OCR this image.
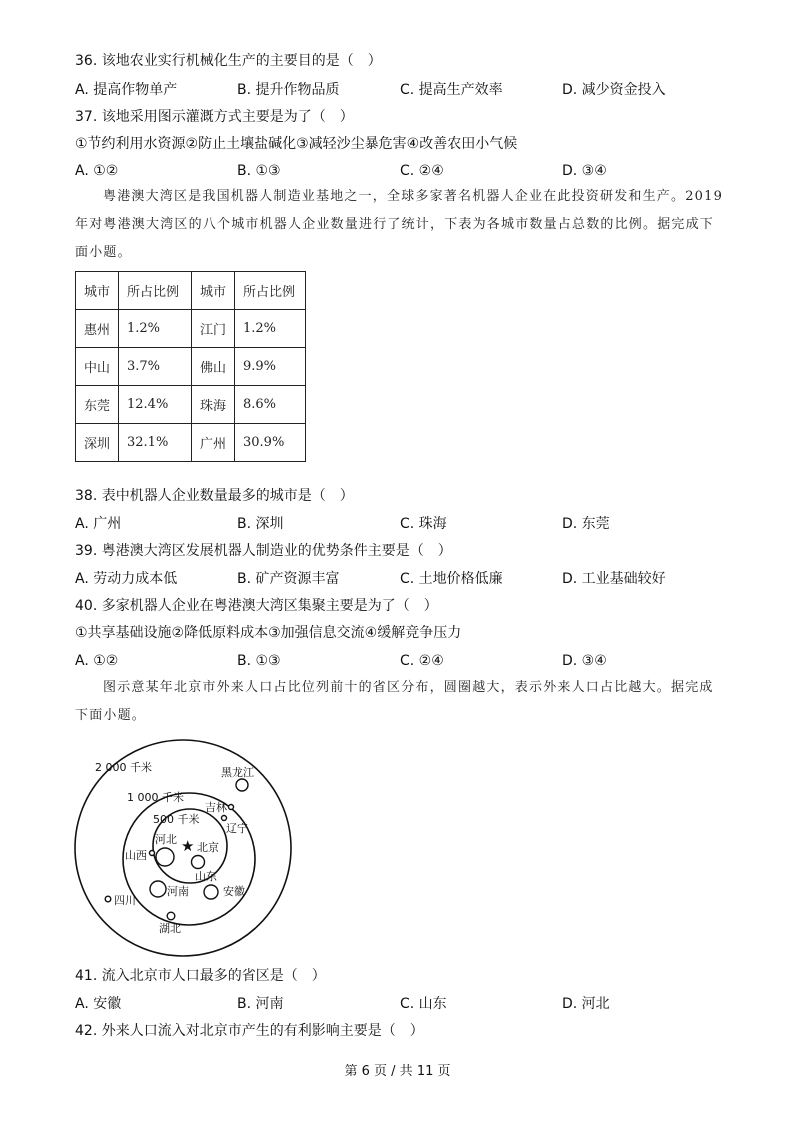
36. 该地农业实行机械化生产的主要目的是（　）
A. 提高作物单产	B. 提升作物品质	C. 提高生产效率	D. 减少资金投入
37. 该地采用图示灌溉方式主要是为了（　）
①节约利用水资源②防止土壤盐碱化③减轻沙尘暴危害④改善农田小气候
A. ①②	B. ①③	C. ②④	D. ③④
粤港澳大湾区是我国机器人制造业基地之一，全球多家著名机器人企业在此投资研发和生产。2019年对粤港澳大湾区的八个城市机器人企业数量进行了统计，下表为各城市数量占总数的比例。据完成下面小题。
城市	所占比例	城市	所占比例
惠州	1.2%	江门	1.2%
中山	3.7%	佛山	9.9%
东莞	12.4%	珠海	8.6%
深圳	32.1%	广州	30.9%
38. 表中机器人企业数量最多的城市是（　）
A. 广州	B. 深圳	C. 珠海	D. 东莞
39. 粤港澳大湾区发展机器人制造业的优势条件主要是（　）
A. 劳动力成本低	B. 矿产资源丰富	C. 土地价格低廉	D. 工业基础较好
40. 多家机器人企业在粤港澳大湾区集聚主要是为了（　）
①共享基础设施②降低原料成本③加强信息交流④缓解竞争压力
A. ①②	B. ①③	C. ②④	D. ③④
图示意某年北京市外来人口占比位列前十的省区分布，圆圈越大，表示外来人口占比越大。据完成下面小题。
2 000 千米
1 000 千米
500 千米
黑龙江
吉林
辽宁
河北
山西
山东
河南	安徽
四川
湖北
北京
★
41. 流入北京市人口最多的省区是（　）
A. 安徽	B. 河南	C. 山东	D. 河北
42. 外来人口流入对北京市产生的有利影响主要是（　）
第 6 页 / 共 11 页
